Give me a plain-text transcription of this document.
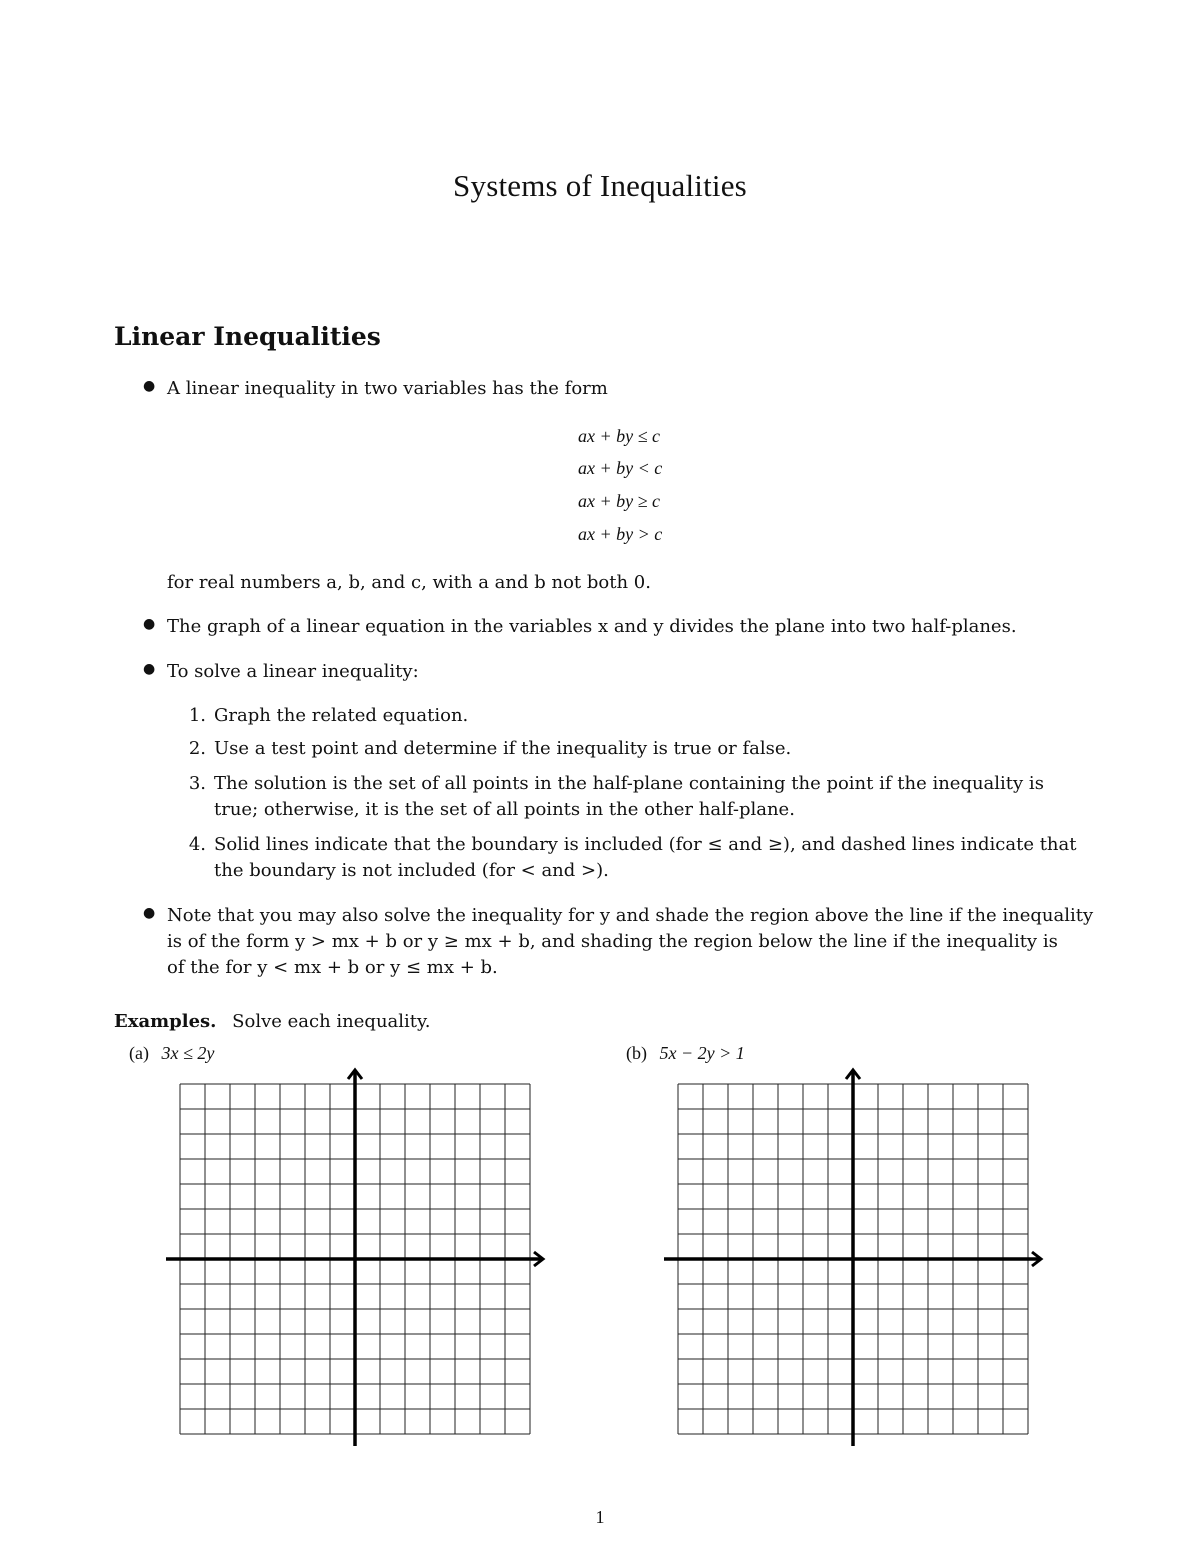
Systems of Inequalities
Linear Inequalities
● A linear inequality in two variables has the form
ax + by ≤ c
ax + by < c
ax + by ≥ c
ax + by > c
for real numbers a, b, and c, with a and b not both 0.
● The graph of a linear equation in the variables x and y divides the plane into two half-planes.
● To solve a linear inequality:
1. Graph the related equation.
2. Use a test point and determine if the inequality is true or false.
3. The solution is the set of all points in the half-plane containing the point if the inequality is
true; otherwise, it is the set of all points in the other half-plane.
4. Solid lines indicate that the boundary is included (for ≤ and ≥), and dashed lines indicate that
the boundary is not included (for < and >).
● Note that you may also solve the inequality for y and shade the region above the line if the inequality
is of the form y > mx + b or y ≥ mx + b, and shading the region below the line if the inequality is
of the for y < mx + b or y ≤ mx + b.
Examples. Solve each inequality.
(a) 3x ≤ 2y	(b) 5x − 2y > 1
1
